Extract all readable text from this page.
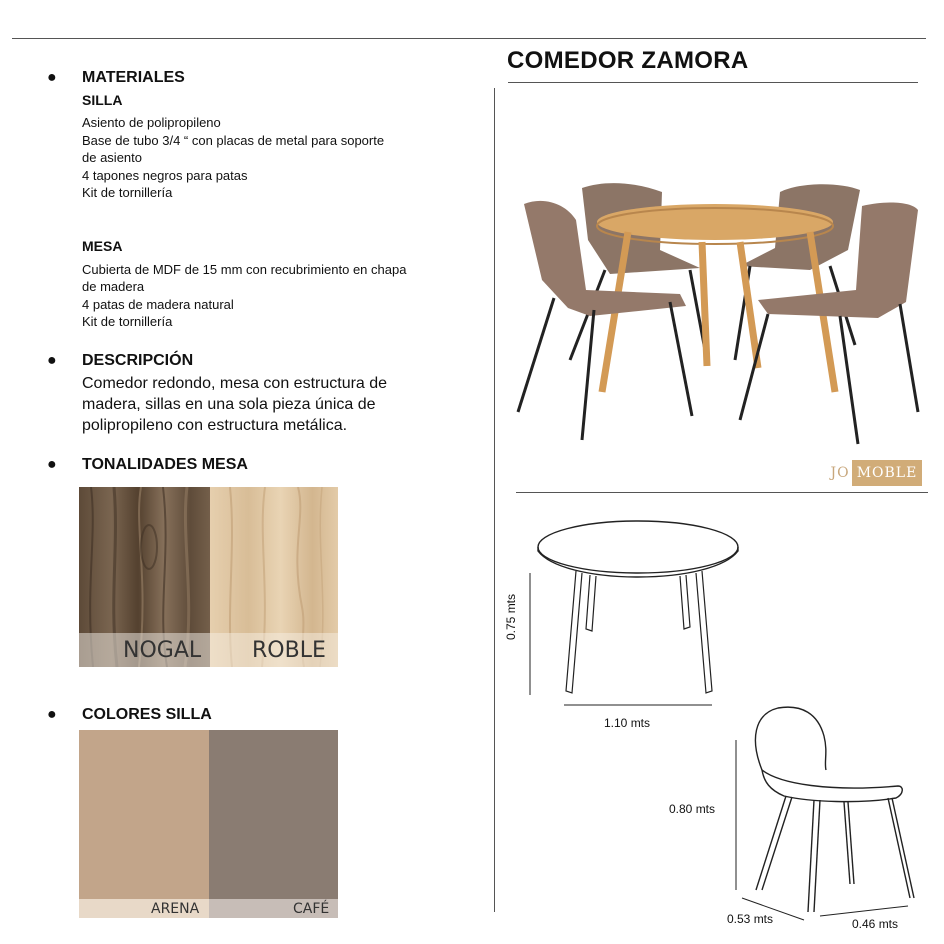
COMEDOR ZAMORA
● MATERIALES
SILLA
Asiento de polipropileno
Base de tubo 3/4 “ con placas de metal para soporte
de asiento
4 tapones negros para patas
Kit de tornillería
MESA
Cubierta de MDF de 15 mm con recubrimiento en chapa
de madera
4 patas de madera natural
Kit de tornillería
● DESCRIPCIÓN
Comedor redondo, mesa con estructura de
madera, sillas en una sola pieza única de
polipropileno con estructura metálica.
● TONALIDADES MESA
NOGAL ROBLE
● COLORES SILLA
ARENA	CAFÉ
JO MOBLE
0.75 mts
1.10 mts
0.80 mts
0.53 mts	0.46 mts
